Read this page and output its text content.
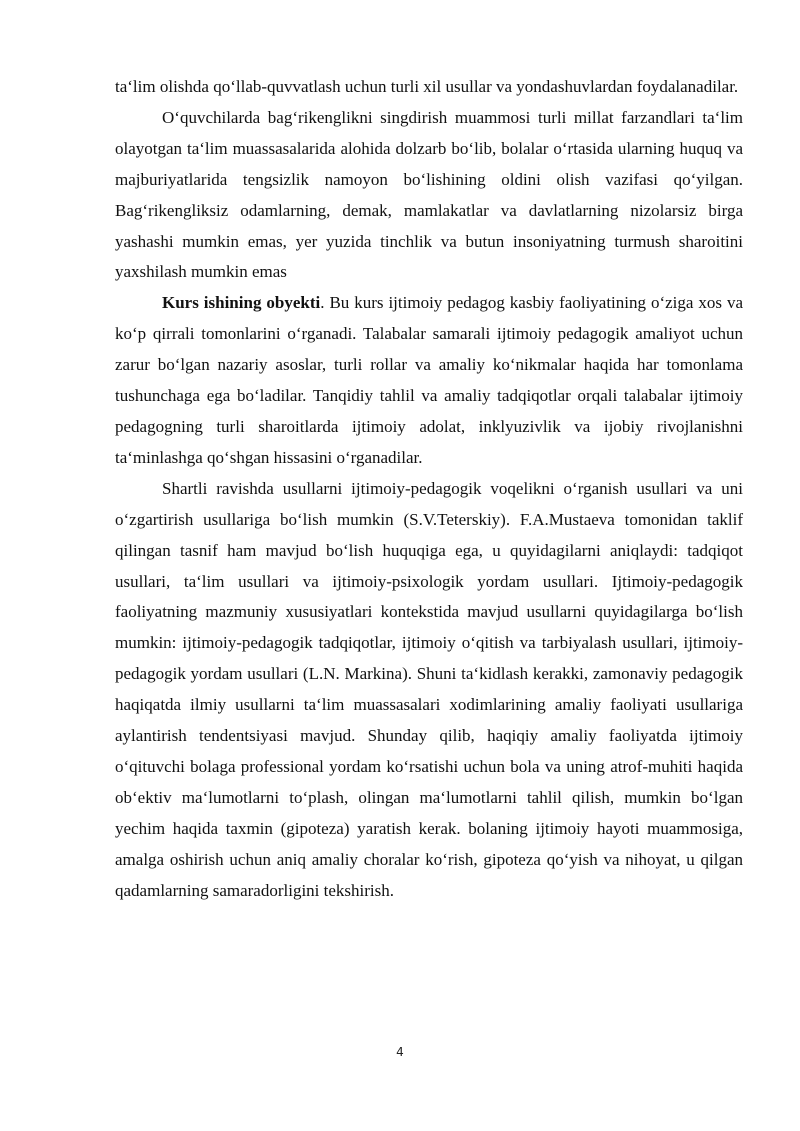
ta‘lim olishda qo‘llab-quvvatlash uchun turli xil usullar va yondashuvlardan foydalanadilar.

O‘quvchilarda bag‘rikenglikni singdirish muammosi turli millat farzandlari ta‘lim olayotgan ta‘lim muassasalarida alohida dolzarb bo‘lib, bolalar o‘rtasida ularning huquq va majburiyatlarida tengsizlik namoyon bo‘lishining oldini olish vazifasi qo‘yilgan. Bag‘rikengliksiz odamlarning, demak, mamlakatlar va davlatlarning nizolarsiz birga yashashi mumkin emas, yer yuzida tinchlik va butun insoniyatning turmush sharoitini yaxshilash mumkin emas

Kurs ishining obyekti. Bu kurs ijtimoiy pedagog kasbiy faoliyatining o‘ziga xos va ko‘p qirrali tomonlarini o‘rganadi. Talabalar samarali ijtimoiy pedagogik amaliyot uchun zarur bo‘lgan nazariy asoslar, turli rollar va amaliy ko‘nikmalar haqida har tomonlama tushunchaga ega bo‘ladilar. Tanqidiy tahlil va amaliy tadqiqotlar orqali talabalar ijtimoiy pedagogning turli sharoitlarda ijtimoiy adolat, inklyuzivlik va ijobiy rivojlanishni ta‘minlashga qo‘shgan hissasini o‘rganadilar.

Shartli ravishda usullarni ijtimoiy-pedagogik voqelikni o‘rganish usullari va uni o‘zgartirish usullariga bo‘lish mumkin (S.V.Teterskiy). F.A.Mustaeva tomonidan taklif qilingan tasnif ham mavjud bo‘lish huquqiga ega, u quyidagilarni aniqlaydi: tadqiqot usullari, ta‘lim usullari va ijtimoiy-psixologik yordam usullari. Ijtimoiy-pedagogik faoliyatning mazmuniy xususiyatlari kontekstida mavjud usullarni quyidagilarga bo‘lish mumkin: ijtimoiy-pedagogik tadqiqotlar, ijtimoiy o‘qitish va tarbiyalash usullari, ijtimoiy-pedagogik yordam usullari (L.N. Markina). Shuni ta‘kidlash kerakki, zamonaviy pedagogik haqiqatda ilmiy usullarni ta‘lim muassasalari xodimlarining amaliy faoliyati usullariga aylantirish tendentsiyasi mavjud. Shunday qilib, haqiqiy amaliy faoliyatda ijtimoiy o‘qituvchi bolaga professional yordam ko‘rsatishi uchun bola va uning atrof-muhiti haqida ob‘ektiv ma‘lumotlarni to‘plash, olingan ma‘lumotlarni tahlil qilish, mumkin bo‘lgan yechim haqida taxmin (gipoteza) yaratish kerak. bolaning ijtimoiy hayoti muammosiga, amalga oshirish uchun aniq amaliy choralar ko‘rish, gipoteza qo‘yish va nihoyat, u qilgan qadamlarning samaradorligini tekshirish.

4
